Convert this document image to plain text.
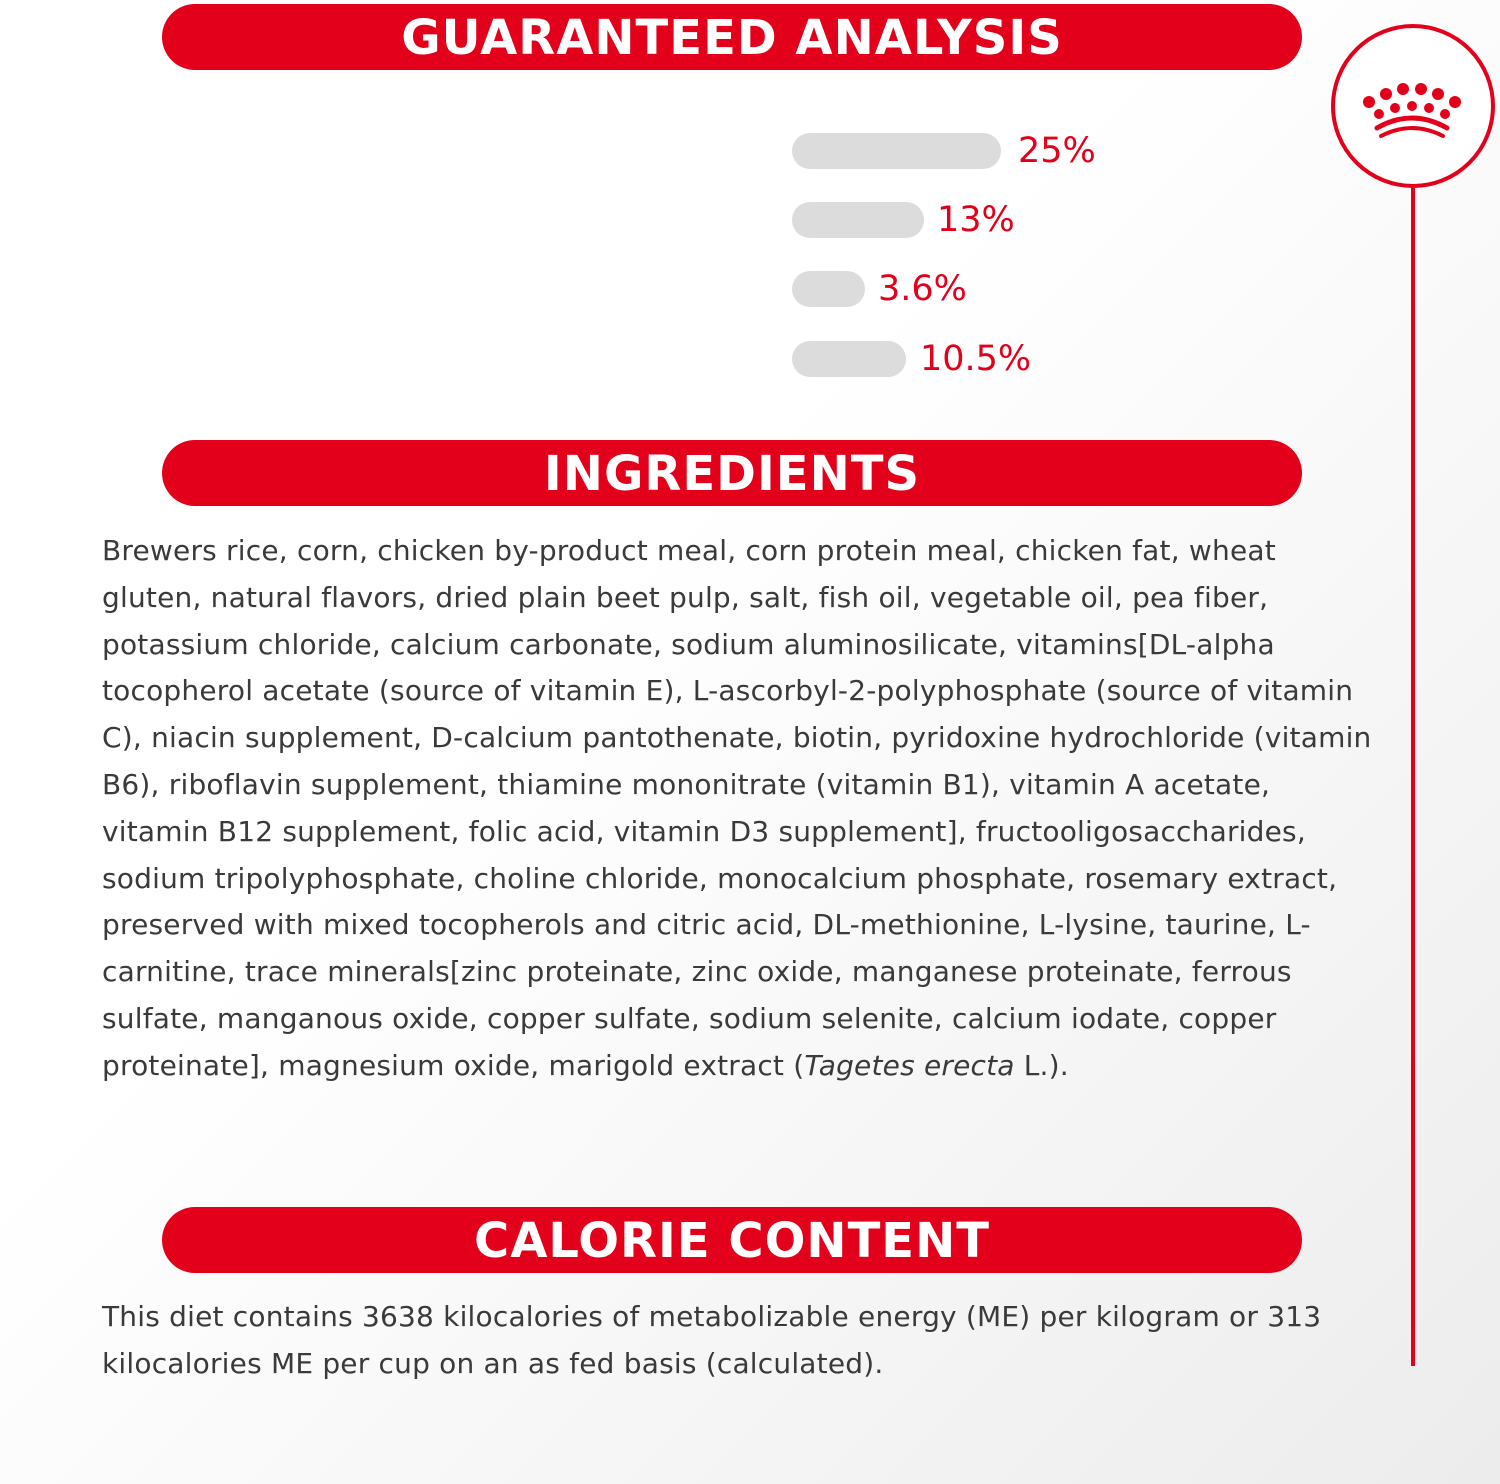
GUARANTEED ANALYSIS
25%
13%
3.6%
10.5%
INGREDIENTS
Brewers rice, corn, chicken by-product meal, corn protein meal, chicken fat, wheat gluten, natural flavors, dried plain beet pulp, salt, fish oil, vegetable oil, pea fiber, potassium chloride, calcium carbonate, sodium aluminosilicate, vitamins[DL-alpha tocopherol acetate (source of vitamin E), L-ascorbyl-2-polyphosphate (source of vitamin C), niacin supplement, D-calcium pantothenate, biotin, pyridoxine hydrochloride (vitamin B6), riboflavin supplement, thiamine mononitrate (vitamin B1), vitamin A acetate, vitamin B12 supplement, folic acid, vitamin D3 supplement], fructooligosaccharides, sodium tripolyphosphate, choline chloride, monocalcium phosphate, rosemary extract, preserved with mixed tocopherols and citric acid, DL-methionine, L-lysine, taurine, L-carnitine, trace minerals[zinc proteinate, zinc oxide, manganese proteinate, ferrous sulfate, manganous oxide, copper sulfate, sodium selenite, calcium iodate, copper proteinate], magnesium oxide, marigold extract (Tagetes erecta L.).
CALORIE CONTENT
This diet contains 3638 kilocalories of metabolizable energy (ME) per kilogram or 313 kilocalories ME per cup on an as fed basis (calculated).
